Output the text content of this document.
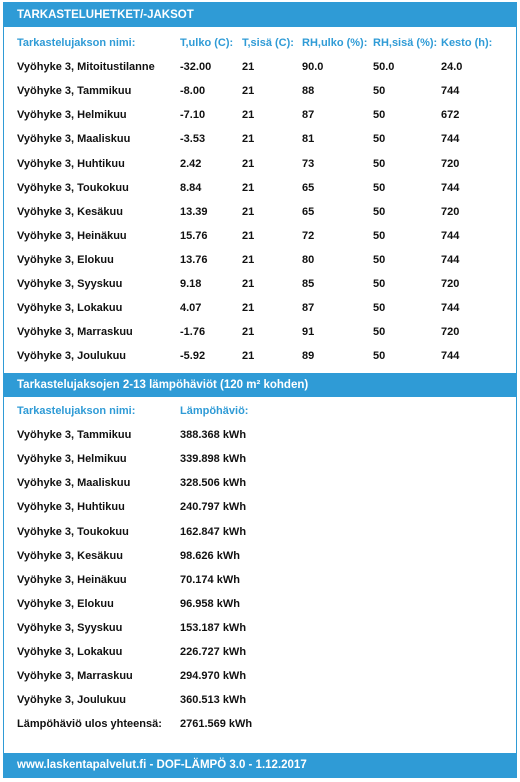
TARKASTELUHETKET/-JAKSOT
Tarkastelujakson nimi:	T,ulko (C): T,sisä (C): RH,ulko (%): RH,sisä (%): Kesto (h):
Vyöhyke 3, Mitoitustilanne -32.00	21	90.0	50.0	24.0
Vyöhyke 3, Tammikuu	-8.00	21	88	50	744
Vyöhyke 3, Helmikuu	-7.10	21	87	50	672
Vyöhyke 3, Maaliskuu	-3.53	21	81	50	744
Vyöhyke 3, Huhtikuu	2.42	21	73	50	720
Vyöhyke 3, Toukokuu	8.84	21	65	50	744
Vyöhyke 3, Kesäkuu	13.39	21	65	50	720
Vyöhyke 3, Heinäkuu	15.76	21	72	50	744
Vyöhyke 3, Elokuu	13.76	21	80	50	744
Vyöhyke 3, Syyskuu	9.18	21	85	50	720
Vyöhyke 3, Lokakuu	4.07	21	87	50	744
Vyöhyke 3, Marraskuu	-1.76	21	91	50	720
Vyöhyke 3, Joulukuu	-5.92	21	89	50	744
Tarkastelujaksojen 2-13 lämpöhäviöt (120 m² kohden)
Tarkastelujakson nimi:	Lämpöhäviö:
Vyöhyke 3, Tammikuu	388.368 kWh
Vyöhyke 3, Helmikuu	339.898 kWh
Vyöhyke 3, Maaliskuu	328.506 kWh
Vyöhyke 3, Huhtikuu	240.797 kWh
Vyöhyke 3, Toukokuu	162.847 kWh
Vyöhyke 3, Kesäkuu	98.626 kWh
Vyöhyke 3, Heinäkuu	70.174 kWh
Vyöhyke 3, Elokuu	96.958 kWh
Vyöhyke 3, Syyskuu	153.187 kWh
Vyöhyke 3, Lokakuu	226.727 kWh
Vyöhyke 3, Marraskuu	294.970 kWh
Vyöhyke 3, Joulukuu	360.513 kWh
Lämpöhäviö ulos yhteensä: 2761.569 kWh
www.laskentapalvelut.fi - DOF-LÄMPÖ 3.0 - 1.12.2017
